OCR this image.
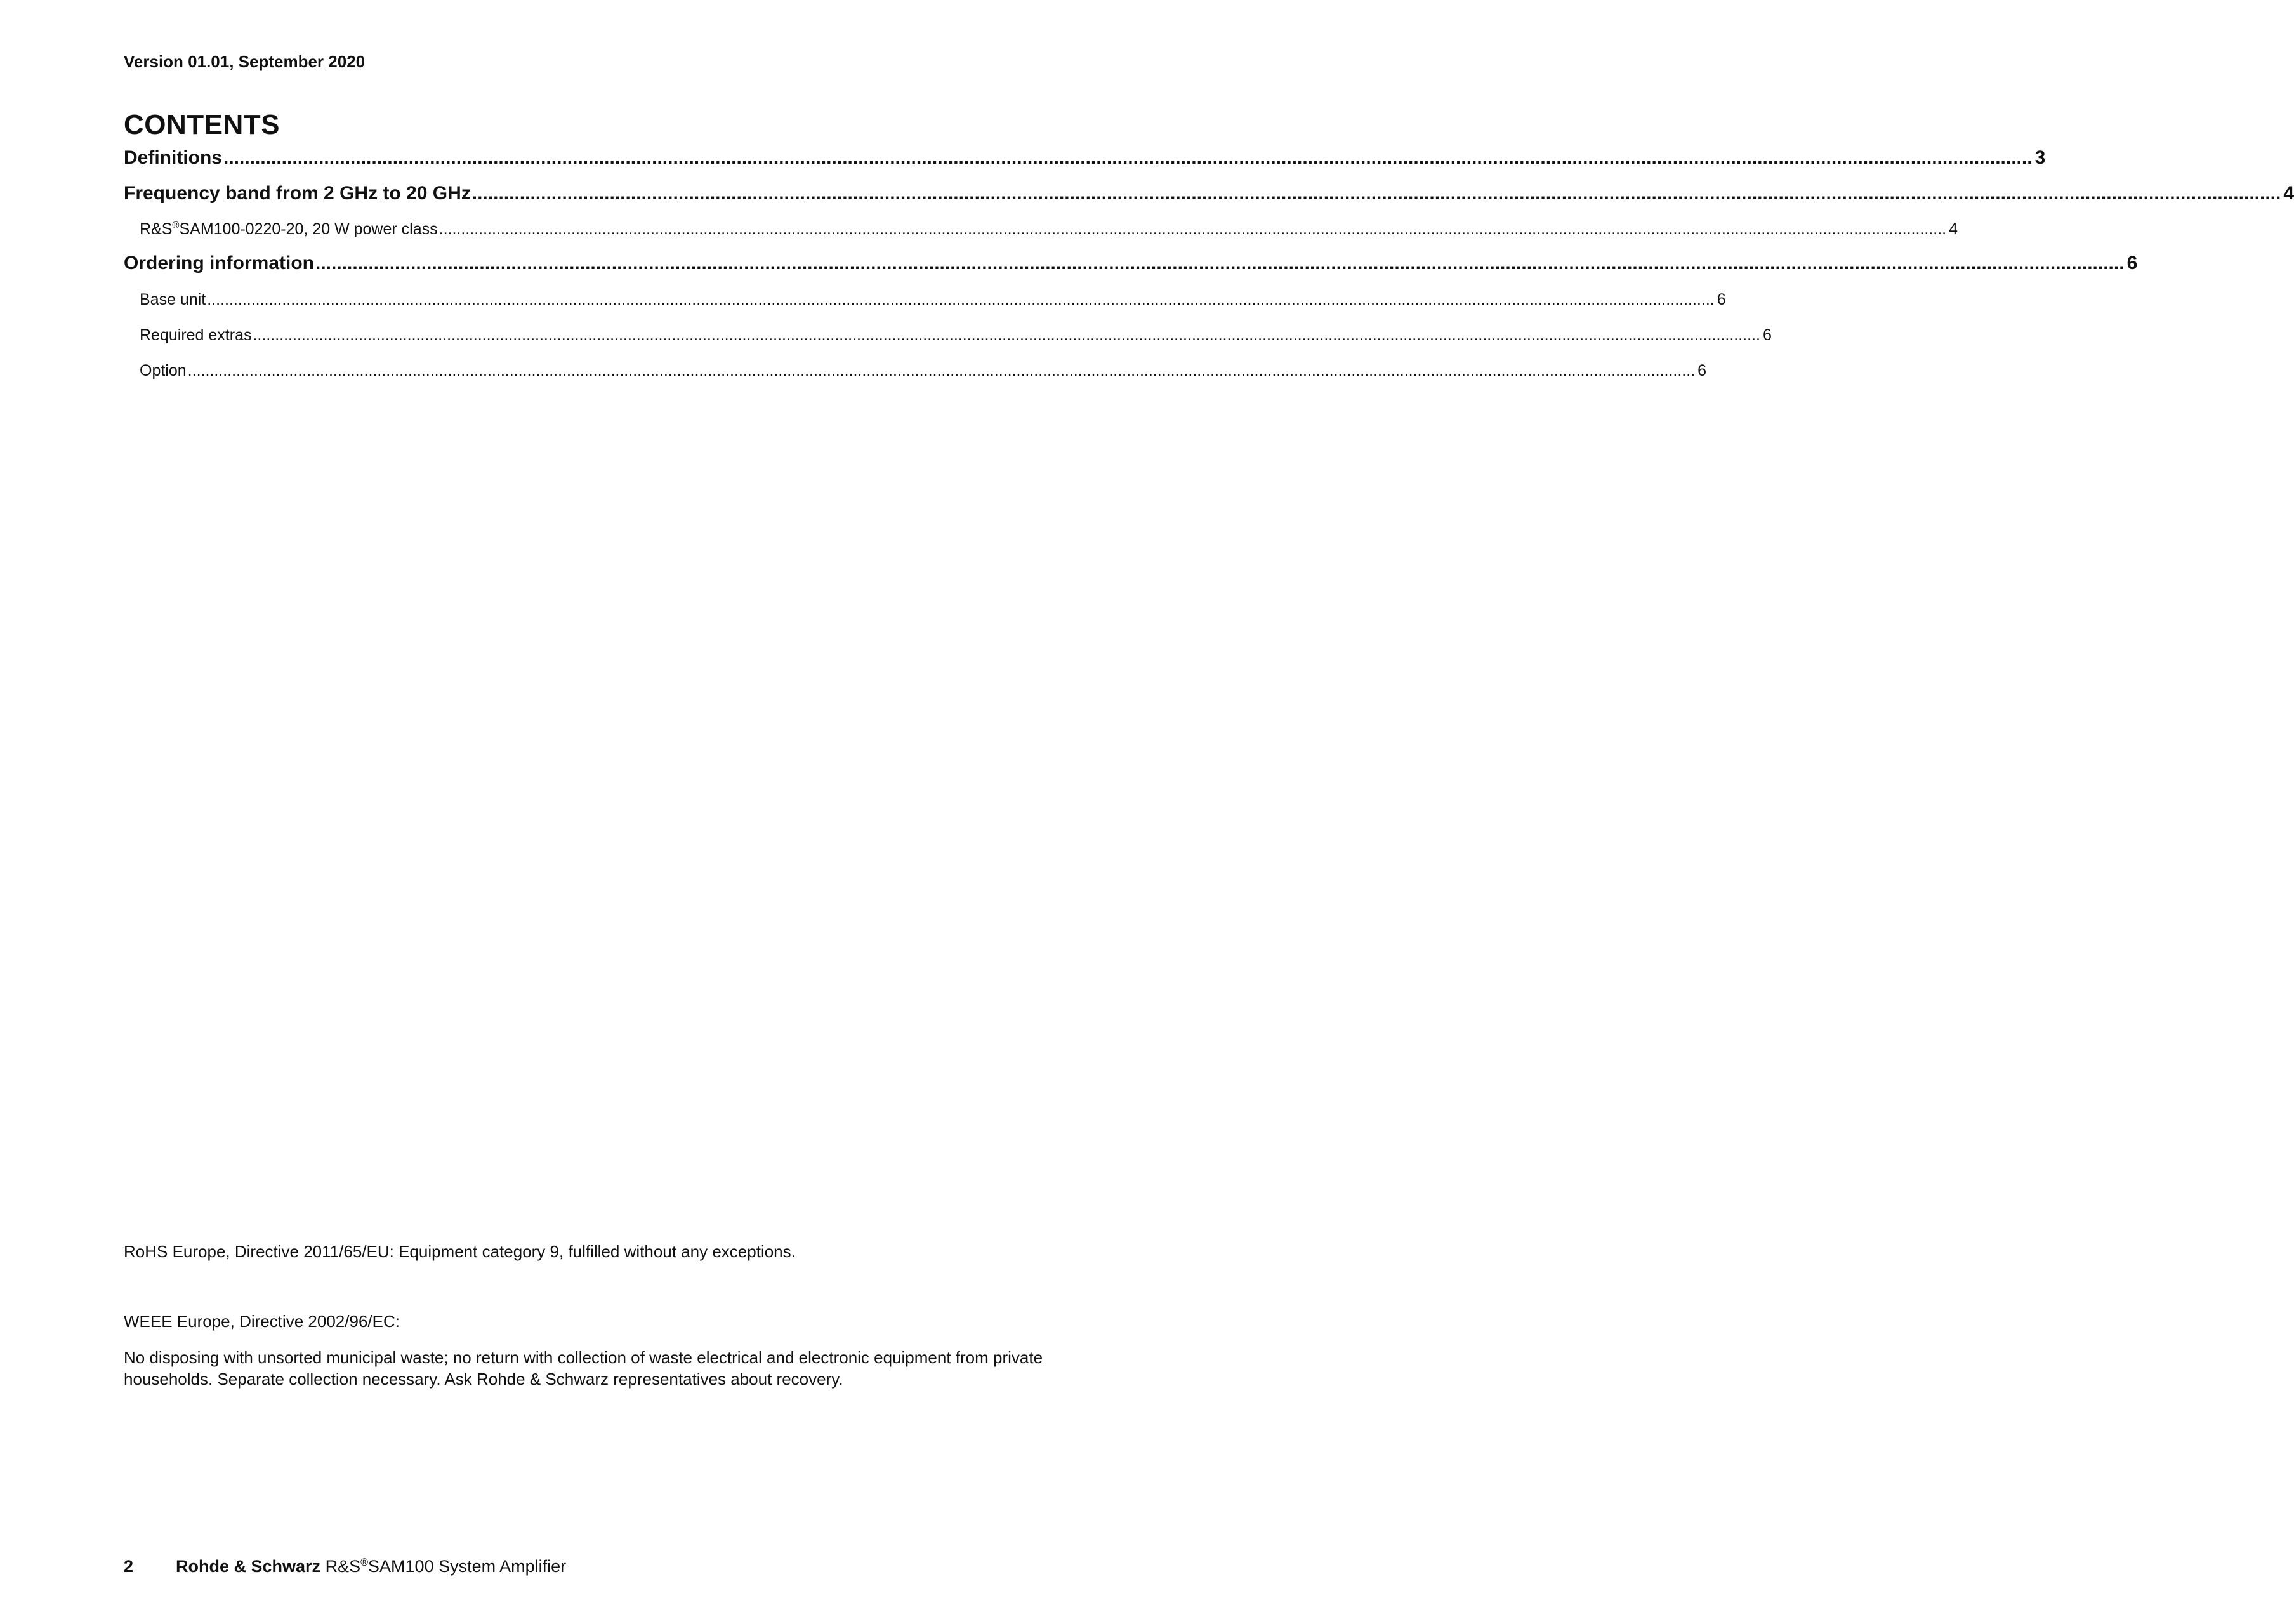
Version 01.01, September 2020
CONTENTS
Definitions ...................................................................................................................................................................................................................................................................................................................................................... 3
Frequency band from 2 GHz to 20 GHz ...................................................................................................................................................................................................................................................................................................................................................... 4
R&S®SAM100-0220-20, 20 W power class ...................................................................................................................................................................................................................................................................................................................................................... 4
Ordering information ...................................................................................................................................................................................................................................................................................................................................................... 6
Base unit ...................................................................................................................................................................................................................................................................................................................................................... 6
Required extras ...................................................................................................................................................................................................................................................................................................................................................... 6
Option ...................................................................................................................................................................................................................................................................................................................................................... 6
RoHS Europe, Directive 2011/65/EU: Equipment category 9, fulfilled without any exceptions.
WEEE Europe, Directive 2002/96/EC:
No disposing with unsorted municipal waste; no return with collection of waste electrical and electronic equipment from private households. Separate collection necessary. Ask Rohde & Schwarz representatives about recovery.
2 Rohde & Schwarz R&S®SAM100 System Amplifier
